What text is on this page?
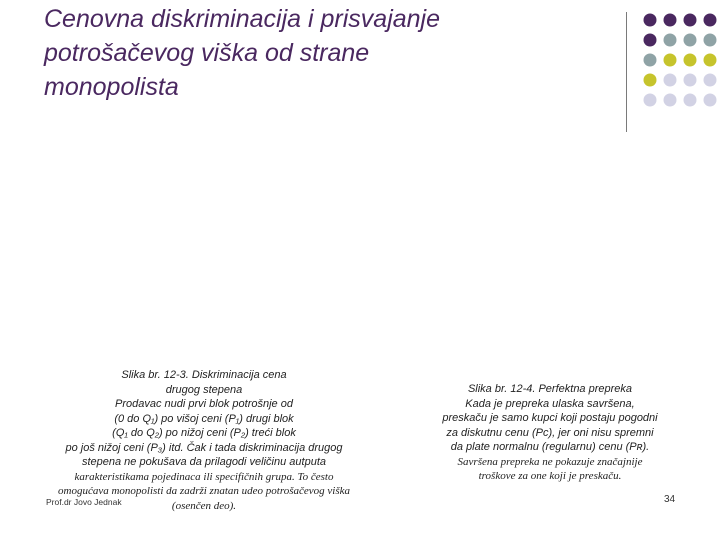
Cenovna diskriminacija i prisvajanje
potrošačevog viška od strane
monopolista
Slika br. 12-3. Diskriminacija cena
drugog stepena
Prodavac nudi prvi blok potrošnje od
(0 do Q₁) po višoj ceni (P₁) drugi blok
(Q₁ do Q₂) po nižoj ceni (P₂) treći blok
po još nižoj ceni (P₃) itd. Čak i tada diskriminacija drugog
stepena ne pokušava da prilagodi veličinu autputa
karakteristikama pojedinaca ili specifičnih grupa. To često
omogućava monopolisti da zadrži znatan udeo potrošačevog viška
(osenčen deo).
Slika br. 12-4. Perfektna prepreka
Kada je prepreka ulaska savršena,
preskaču je samo kupci koji postaju pogodni
za diskutnu cenu (Pᴄ), jer oni nisu spremni
da plate normalnu (regularnu) cenu (Pʀ).
Savršena prepreka ne pokazuje značajnije
troškove za one koji je preskaču.
Prof.dr Jovo Jednak	34
